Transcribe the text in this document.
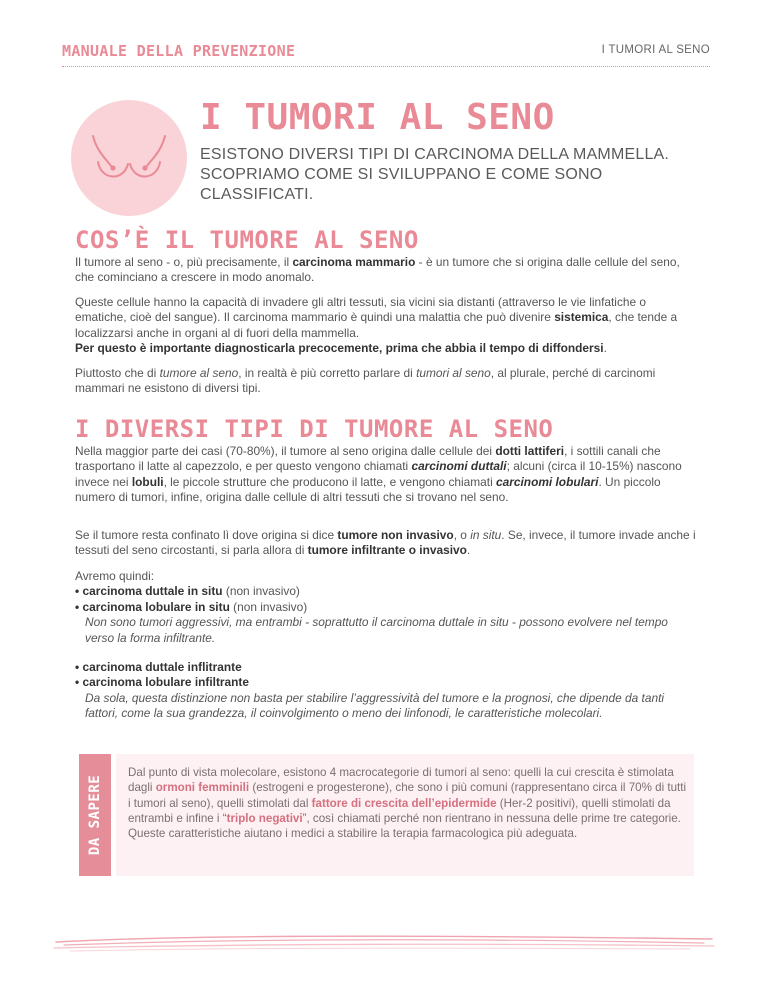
MANUALE DELLA PREVENZIONE	I TUMORI AL SENO
I TUMORI AL SENO
ESISTONO DIVERSI TIPI DI CARCINOMA DELLA MAMMELLA. SCOPRIAMO COME SI SVILUPPANO E COME SONO CLASSIFICATI.
COS’È IL TUMORE AL SENO
Il tumore al seno - o, più precisamente, il carcinoma mammario - è un tumore che si origina dalle cellule del seno, che cominciano a crescere in modo anomalo.
Queste cellule hanno la capacità di invadere gli altri tessuti, sia vicini sia distanti (attraverso le vie linfatiche o ematiche, cioè del sangue). Il carcinoma mammario è quindi una malattia che può divenire sistemica, che tende a localizzarsi anche in organi al di fuori della mammella.
Per questo è importante diagnosticarla precocemente, prima che abbia il tempo di diffondersi.
Piuttosto che di tumore al seno, in realtà è più corretto parlare di tumori al seno, al plurale, perché di carcinomi mammari ne esistono di diversi tipi.
I DIVERSI TIPI DI TUMORE AL SENO
Nella maggior parte dei casi (70-80%), il tumore al seno origina dalle cellule dei dotti lattiferi, i sottili canali che trasportano il latte al capezzolo, e per questo vengono chiamati carcinomi duttali; alcuni (circa il 10-15%) nascono invece nei lobuli, le piccole strutture che producono il latte, e vengono chiamati carcinomi lobulari. Un piccolo numero di tumori, infine, origina dalle cellule di altri tessuti che si trovano nel seno.
Se il tumore resta confinato lì dove origina si dice tumore non invasivo, o in situ. Se, invece, il tumore invade anche i tessuti del seno circostanti, si parla allora di tumore infiltrante o invasivo.
Avremo quindi:
• carcinoma duttale in situ (non invasivo)
• carcinoma lobulare in situ (non invasivo)
Non sono tumori aggressivi, ma entrambi - soprattutto il carcinoma duttale in situ - possono evolvere nel tempo verso la forma infiltrante.
• carcinoma duttale inflitrante
• carcinoma lobulare infiltrante
Da sola, questa distinzione non basta per stabilire l’aggressività del tumore e la prognosi, che dipende da tanti fattori, come la sua grandezza, il coinvolgimento o meno dei linfonodi, le caratteristiche molecolari.
DA SAPERE
Dal punto di vista molecolare, esistono 4 macrocategorie di tumori al seno: quelli la cui crescita è stimolata dagli ormoni femminili (estrogeni e progesterone), che sono i più comuni (rappresentano circa il 70% di tutti i tumori al seno), quelli stimolati dal fattore di crescita dell’epidermide (Her-2 positivi), quelli stimolati da entrambi e infine i “triplo negativi”, così chiamati perché non rientrano in nessuna delle prime tre categorie. Queste caratteristiche aiutano i medici a stabilire la terapia farmacologica più adeguata.
